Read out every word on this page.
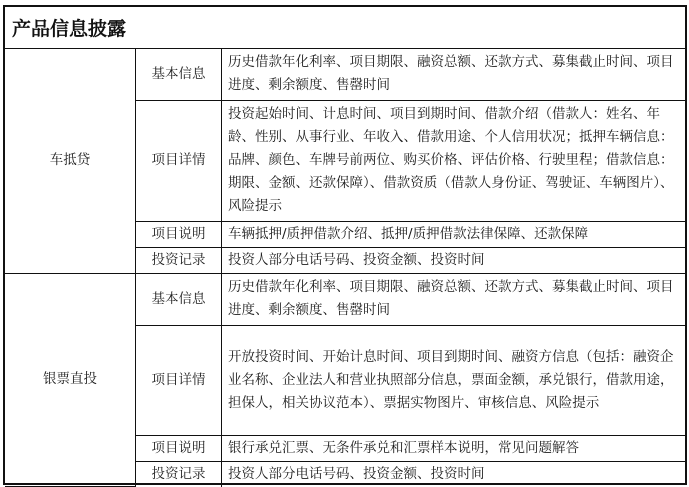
产品信息披露
车抵贷	基本信息	历史借款年化利率、项目期限、融资总额、还款方式、募集截止时间、项目进度、剩余额度、售罄时间
	项目详情	投资起始时间、计息时间、项目到期时间、借款介绍（借款人：姓名、年龄、性别、从事行业、年收入、借款用途、个人信用状况；抵押车辆信息：品牌、颜色、车牌号前两位、购买价格、评估价格、行驶里程；借款信息：期限、金额、还款保障）、借款资质（借款人身份证、驾驶证、车辆图片）、风险提示
	项目说明	车辆抵押/质押借款介绍、抵押/质押借款法律保障、还款保障
	投资记录	投资人部分电话号码、投资金额、投资时间
银票直投	基本信息	历史借款年化利率、项目期限、融资总额、还款方式、募集截止时间、项目进度、剩余额度、售罄时间
	项目详情	开放投资时间、开始计息时间、项目到期时间、融资方信息（包括：融资企业名称、企业法人和营业执照部分信息，票面金额，承兑银行，借款用途，担保人，相关协议范本）、票据实物图片、审核信息、风险提示
	项目说明	银行承兑汇票、无条件承兑和汇票样本说明，常见问题解答
	投资记录	投资人部分电话号码、投资金额、投资时间
